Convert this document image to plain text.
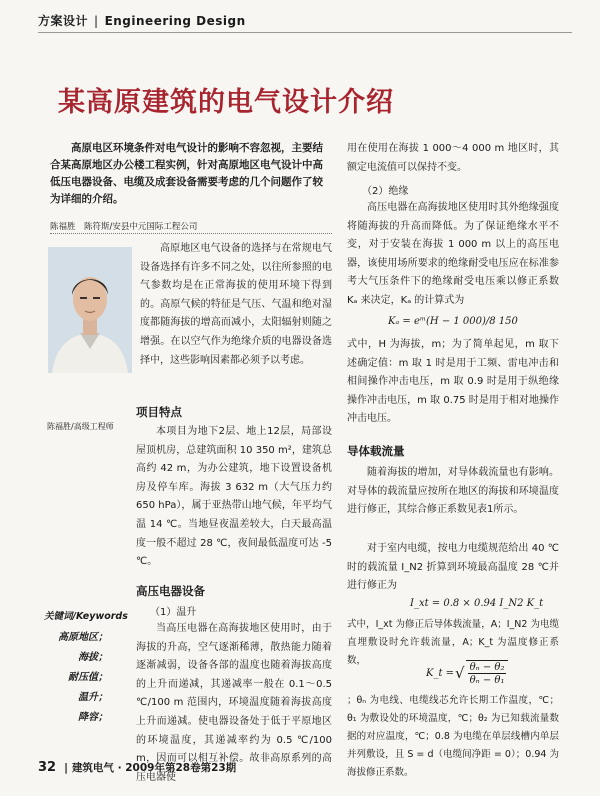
方案设计 | Engineering Design
某高原建筑的电气设计介绍
高原电区环境条件对电气设计的影响不容忽视，主要结合某高原地区办公楼工程实例，针对高原地区电气设计中高低压电器设备、电缆及成套设备需要考虑的几个问题作了较为详细的介绍。
陈福胜　陈符斯/安县中元国际工程公司
陈福胜/高级工程师
高原地区电气设备的选择与在常规电气设备选择有许多不同之处，以往所参照的电气参数均是在正常海拔的使用环境下得到的。高原气候的特征是气压、气温和绝对湿度都随海拔的增高而减小，太阳辐射则随之增强。在以空气作为绝缘介质的电器设备选择中，这些影响因素都必须予以考虑。
项目特点
本项目为地下2层、地上12层，局部设屋顶机房，总建筑面积 10 350 m²，建筑总高约 42 m，为办公建筑，地下设置设备机房及停车库。海拔 3 632 m（大气压力约 650 hPa），属于亚热带山地气候，年平均气温 14 ℃。当地昼夜温差较大，白天最高温度一般不超过 28 ℃，夜间最低温度可达 -5 ℃。
高压电器设备
（1）温升
当高压电器在高海拔地区使用时，由于海拔的升高，空气逐渐稀薄，散热能力随着逐渐减弱，设备各部的温度也随着海拔高度的上升而递减，其递减率一般在 0.1～0.5 ℃/100 m 范围内，环境温度随着海拔高度上升而递减。使电器设备处于低于平原地区的环境温度，其递减率约为 0.5 ℃/100 m，因而可以相互补偿。故非高原系列的高压电器使
关键词/Keywords
高原地区；
海拔；
耐压值；
温升；
降容；
用在使用在海拔 1 000～4 000 m 地区时，其额定电流值可以保持不变。
（2）绝缘
高压电器在高海拔地区使用时其外绝缘强度将随海拔的升高而降低。为了保证绝缘水平不变，对于安装在海拔 1 000 m 以上的高压电器，该使用场所要求的绝缘耐受电压应在标准参考大气压条件下的绝缘耐受电压乘以修正系数 Kₐ 来决定，Kₐ 的计算式为
Kₐ = eᵐ(H − 1 000)/8 150
式中，H 为海拔，m；为了简单起见，m 取下述确定值：m 取 1 时是用于工频、雷电冲击和相间操作冲击电压，m 取 0.9 时是用于纵绝缘操作冲击电压，m 取 0.75 时是用于相对地操作冲击电压。
导体载流量
随着海拔的增加，对导体载流量也有影响。对导体的载流量应按所在地区的海拔和环境温度进行修正，其综合修正系数见表1所示。
对于室内电缆，按电力电缆规范给出 40 ℃时的载流量 I_N2 折算到环境最高温度 28 ℃并进行修正为
I_xt = 0.8 × 0.94 I_N2 K_t
式中，I_xt 为修正后导体载流量，A；I_N2 为电缆直埋敷设时允许载流量，A；K_t 为温度修正系数，
K_t = √ $\frac{\text{θₙ − θ₂}}{\text{θₙ − θ₁}}$
；θₙ 为电线、电缆线芯允许长期工作温度，℃；θ₁ 为敷设处的环境温度，℃；θ₂ 为已知载流量数据的对应温度，℃；0.8 为电缆在单层线槽内单层并列敷设，且 S = d（电缆间净距 = 0）；0.94 为海拔修正系数。
32 | 建筑电气 · 2009年第28卷第23期
